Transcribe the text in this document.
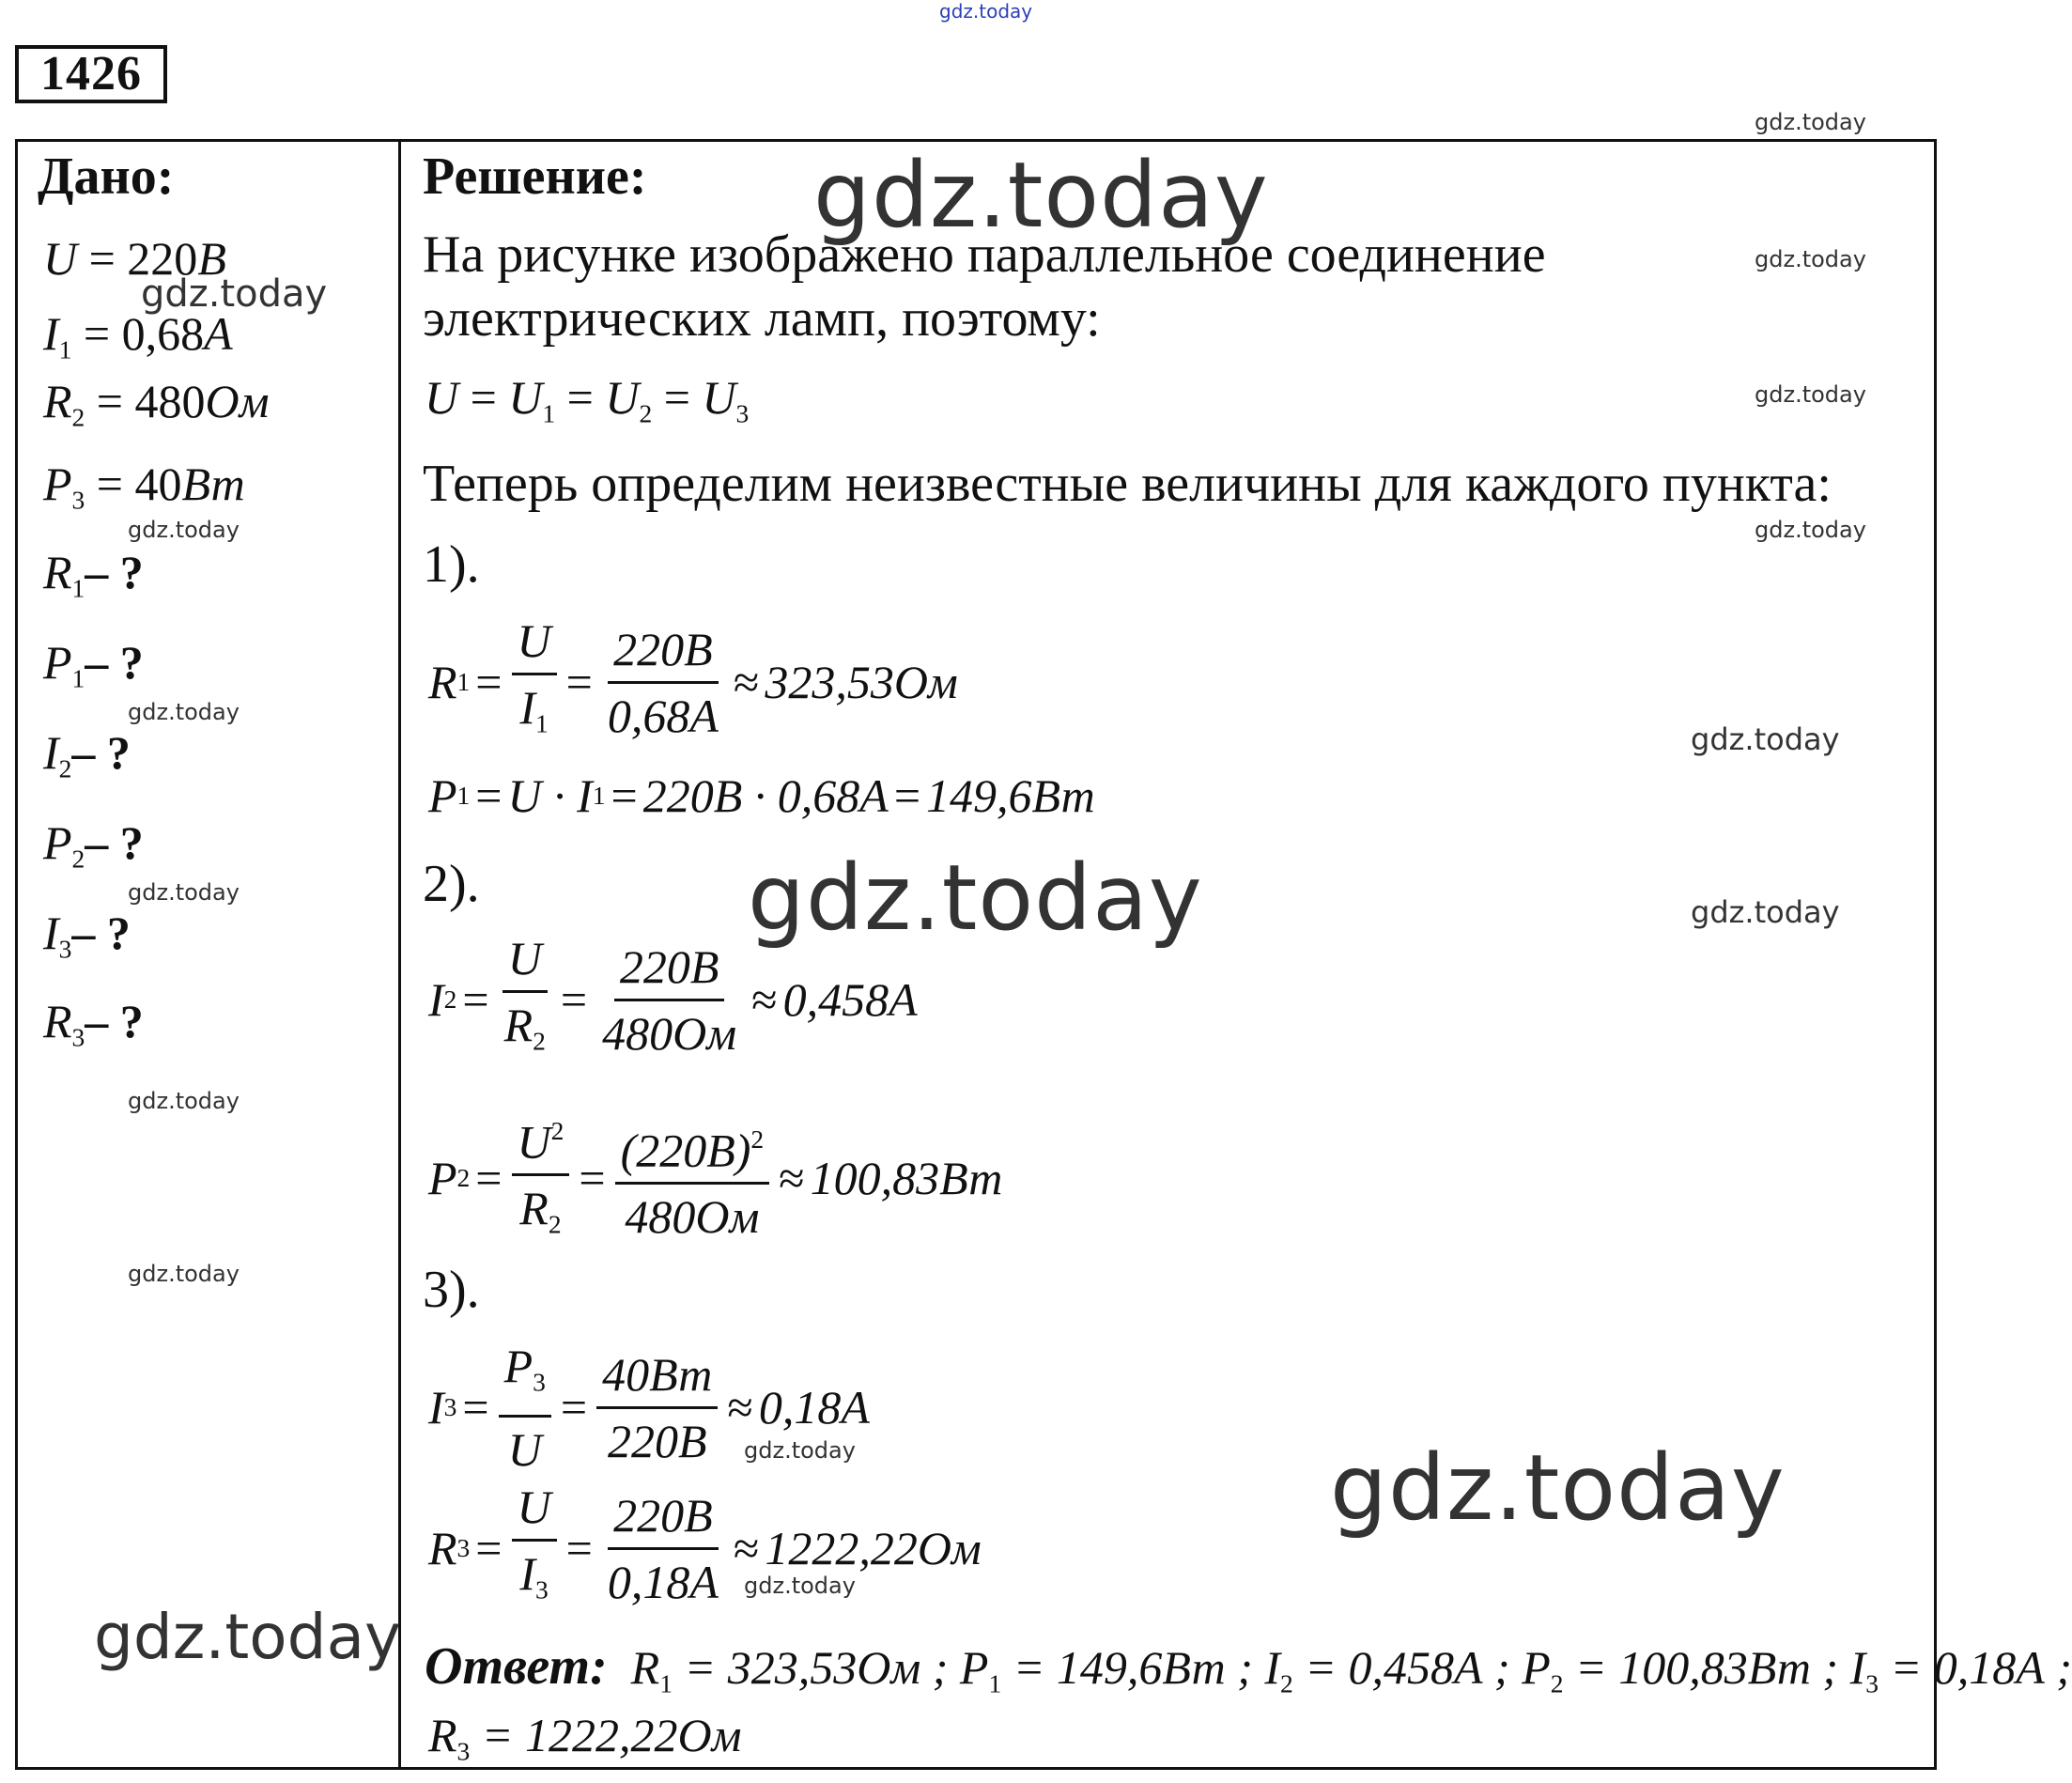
1426
Дано:
U = 220В
$I_1 = 0,68А$
$R_2 = 480Ом$
$P_3 = 40Вт$
$R_1-$ ?
$P_1-$ ?
$I_2-$ ?
$P_2-$ ?
$I_3-$ ?
$R_3-$ ?
Решение:
На рисунке изображено параллельное соединение
электрических ламп, поэтому:
$U = U_1 = U_2 = U_3$
Теперь определим неизвестные величины для каждого пункта:
1).
R $1 = \frac{U}{I_1} = \frac{220В}{0,68А} \approx 323,53Ом$
P 1 = U · I 1 = 220В · 0,68А = 149,6Вт
2).
I $2 = \frac{U}{R_2} = \frac{220В}{480Ом} \approx 0,458А$
P $2 = \frac{U^2}{R_2} = \frac{(220В)^2}{480Ом} \approx 100,83Вт$
3).
I $3 = \frac{P_3}{U} = \frac{40Вт}{220В} \approx 0,18А$
R $3 = \frac{U}{I_3} = \frac{220В}{0,18А} \approx 1222,22Ом$
Ответ: $R_1 = 323,53Ом$ ; $P_1 = 149,6Вт$ ; $I_2 = 0,458А$ ; $P_2 = 100,83Вт$ ; $I_3 = 0,18А$ ;
$R_3 = 1222,22Ом$
gdz.today
gdz.today
gdz.today
gdz.today
gdz.today
gdz.today
gdz.today
gdz.today
gdz.today
gdz.today
gdz.today
gdz.today
gdz.today
gdz.today
gdz.today
gdz.today
gdz.today
gdz.today
gdz.today
